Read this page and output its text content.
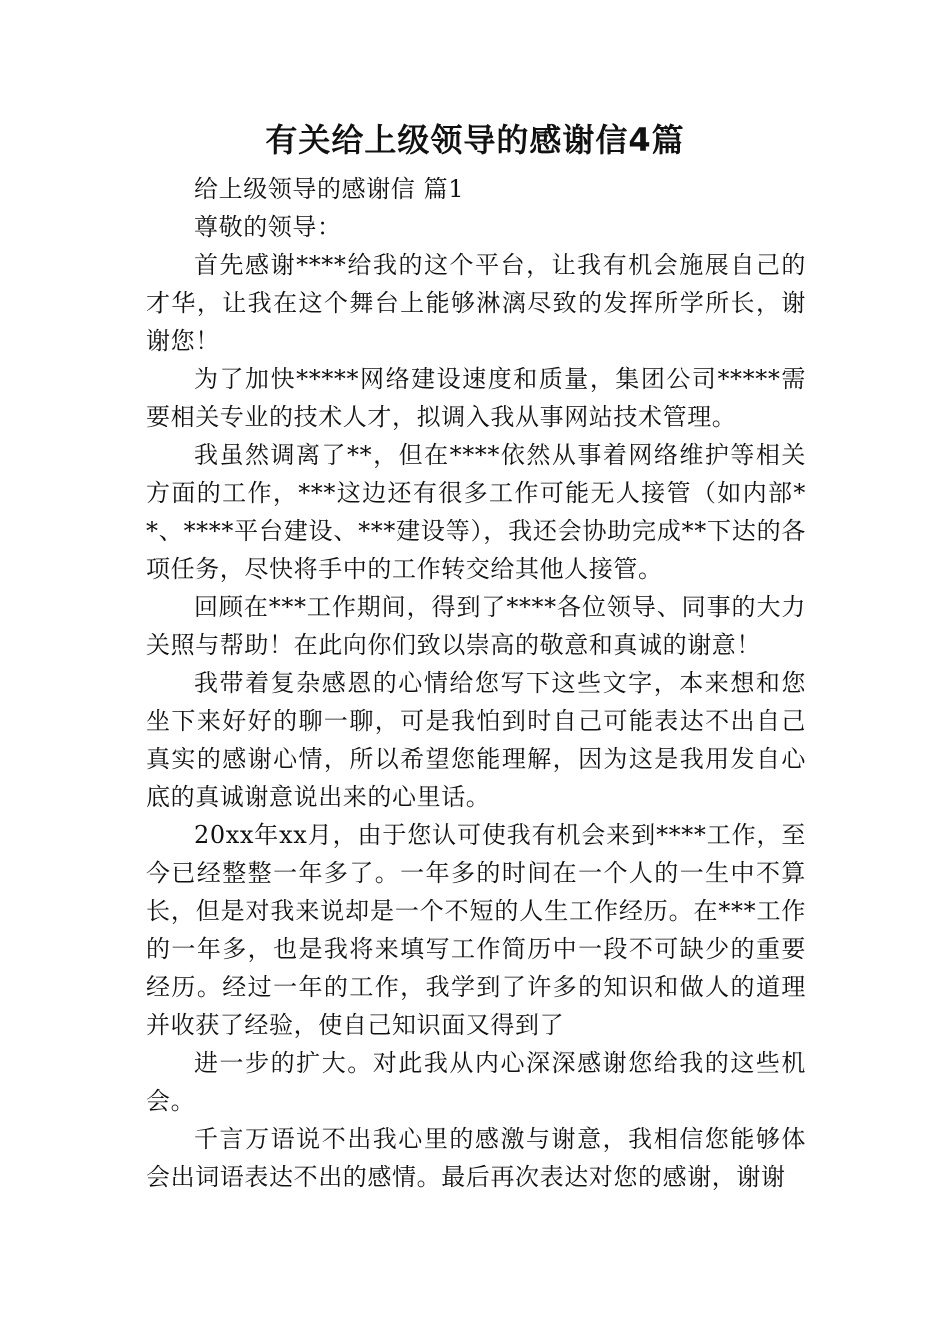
有关给上级领导的感谢信4篇

给上级领导的感谢信 篇1

尊敬的领导：

首先感谢****给我的这个平台，让我有机会施展自己的才华，让我在这个舞台上能够淋漓尽致的发挥所学所长，谢谢您！

为了加快*****网络建设速度和质量，集团公司*****需要相关专业的技术人才，拟调入我从事网站技术管理。

我虽然调离了**，但在****依然从事着网络维护等相关方面的工作，***这边还有很多工作可能无人接管（如内部**、****平台建设、***建设等），我还会协助完成**下达的各项任务，尽快将手中的工作转交给其他人接管。

回顾在***工作期间，得到了****各位领导、同事的大力关照与帮助！在此向你们致以崇高的敬意和真诚的谢意！

我带着复杂感恩的心情给您写下这些文字，本来想和您坐下来好好的聊一聊，可是我怕到时自己可能表达不出自己真实的感谢心情，所以希望您能理解，因为这是我用发自心底的真诚谢意说出来的心里话。

20xx年xx月，由于您认可使我有机会来到****工作，至今已经整整一年多了。一年多的时间在一个人的一生中不算长，但是对我来说却是一个不短的人生工作经历。在***工作的一年多，也是我将来填写工作简历中一段不可缺少的重要经历。经过一年的工作，我学到了许多的知识和做人的道理并收获了经验，使自己知识面又得到了

进一步的扩大。对此我从内心深深感谢您给我的这些机会。

千言万语说不出我心里的感激与谢意，我相信您能够体会出词语表达不出的感情。最后再次表达对您的感谢，谢谢
